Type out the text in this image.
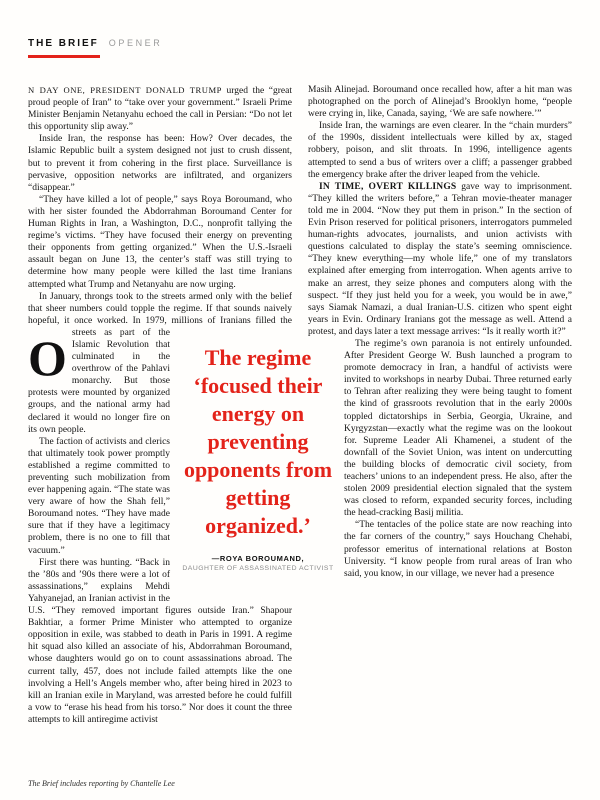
THE BRIEF OPENER

O
N DAY ONE, PRESIDENT DONALD TRUMP urged the “great proud people of Iran” to “take over your government.” Israeli Prime Minister Benjamin Netanyahu echoed the call in Persian: “Do not let this opportunity slip away.”

Inside Iran, the response has been: How? Over decades, the Islamic Republic built a system designed not just to crush dissent, but to prevent it from cohering in the first place. Surveillance is pervasive, opposition networks are infiltrated, and organizers “disappear.”

“They have killed a lot of people,” says Roya Boroumand, who with her sister founded the Abdorrahman Boroumand Center for Human Rights in Iran, a Washington, D.C., nonprofit tallying the regime’s victims. “They have focused their energy on preventing their opponents from getting organized.” When the U.S.-Israeli assault began on June 13, the center’s staff was still trying to determine how many people were killed the last time Iranians attempted what Trump and Netanyahu are now urging.

In January, throngs took to the streets armed only with the belief that sheer numbers could topple the regime. If that sounds naively hopeful, it once worked. In 1979, millions of Iranians filled the streets as part of the Islamic Revolution that culminated in the overthrow of the Pahlavi monarchy. But those protests were mounted by organized groups, and the national army had declared it would no longer fire on its own people.

The faction of activists and clerics that ultimately took power promptly established a regime committed to preventing such mobilization from ever happening again. “The state was very aware of how the Shah fell,” Boroumand notes. “They have made sure that if they have a legitimacy problem, there is no one to fill that vacuum.”

First there was hunting. “Back in the ’80s and ’90s there were a lot of assassinations,” explains Mehdi Yahyanejad, an Iranian activist in the U.S. “They removed important figures outside Iran.” Shapour Bakhtiar, a former Prime Minister who attempted to organize opposition in exile, was stabbed to death in Paris in 1991. A regime hit squad also killed an associate of his, Abdorrahman Boroumand, whose daughters would go on to count assassinations abroad. The current tally, 457, does not include failed attempts like the one involving a Hell’s Angels member who, after being hired in 2023 to kill an Iranian exile in Maryland, was arrested before he could fulfill a vow to “erase his head from his torso.” Nor does it count the three attempts to kill antiregime activist

Masih Alinejad. Boroumand once recalled how, after a hit man was photographed on the porch of Alinejad’s Brooklyn home, “people were crying in, like, Canada, saying, ‘We are safe nowhere.’”

Inside Iran, the warnings are even clearer. In the “chain murders” of the 1990s, dissident intellectuals were killed by ax, staged robbery, poison, and slit throats. In 1996, intelligence agents attempted to send a bus of writers over a cliff; a passenger grabbed the emergency brake after the driver leaped from the vehicle.

IN TIME, OVERT KILLINGS gave way to imprisonment. “They killed the writers before,” a Tehran movie-theater manager told me in 2004. “Now they put them in prison.” In the section of Evin Prison reserved for political prisoners, interrogators pummeled human-rights advocates, journalists, and union activists with questions calculated to display the state’s seeming omniscience. “They knew everything—my whole life,” one of my translators explained after emerging from interrogation. When agents arrive to make an arrest, they seize phones and computers along with the suspect. “If they just held you for a week, you would be in awe,” says Siamak Namazi, a dual Iranian-U.S. citizen who spent eight years in Evin. Ordinary Iranians got the message as well. Attend a protest, and days later a text message arrives: “Is it really worth it?”

The regime’s own paranoia is not entirely unfounded. After President George W. Bush launched a program to promote democracy in Iran, a handful of activists were invited to workshops in nearby Dubai. Three returned early to Tehran after realizing they were being taught to foment the kind of grassroots revolution that in the early 2000s toppled dictatorships in Serbia, Georgia, Ukraine, and Kyrgyzstan—exactly what the regime was on the lookout for. Supreme Leader Ali Khamenei, a student of the downfall of the Soviet Union, was intent on undercutting the building blocks of democratic civil society, from teachers’ unions to an independent press. He also, after the stolen 2009 presidential election signaled that the system was closed to reform, expanded security forces, including the head-cracking Basij militia.

“The tentacles of the police state are now reaching into the far corners of the country,” says Houchang Chehabi, professor emeritus of international relations at Boston University. “I know people from rural areas of Iran who said, you know, in our village, we never had a presence

The regime ‘focused their energy on preventing opponents from getting organized.’
—ROYA BOROUMAND,
DAUGHTER OF ASSASSINATED ACTIVIST
The Brief includes reporting by Chantelle Lee
